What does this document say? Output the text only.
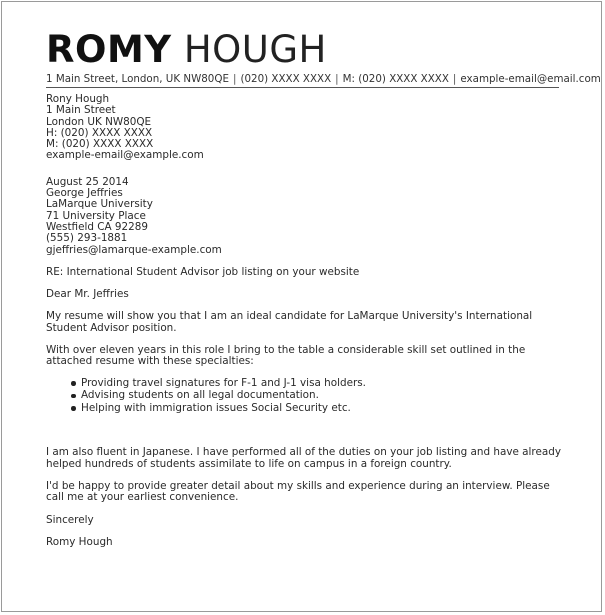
ROMY HOUGH
1 Main Street, London, UK NW80QE | (020) XXXX XXXX | M: (020) XXXX XXXX | example-email@email.com
Rony Hough
1 Main Street
London UK NW80QE
H: (020) XXXX XXXX
M: (020) XXXX XXXX
example-email@example.com
August 25 2014
George Jeffries
LaMarque University
71 University Place
Westfield CA 92289
(555) 293-1881
gjeffries@lamarque-example.com

RE: International Student Advisor job listing on your website

Dear Mr. Jeffries

My resume will show you that I am an ideal candidate for LaMarque University's International Student Advisor position.

With over eleven years in this role I bring to the table a considerable skill set outlined in the attached resume with these specialties:

Providing travel signatures for F-1 and J-1 visa holders.
Advising students on all legal documentation.
Helping with immigration issues Social Security etc.

I am also fluent in Japanese. I have performed all of the duties on your job listing and have already helped hundreds of students assimilate to life on campus in a foreign country.

I'd be happy to provide greater detail about my skills and experience during an interview. Please call me at your earliest convenience.

Sincerely

Romy Hough
